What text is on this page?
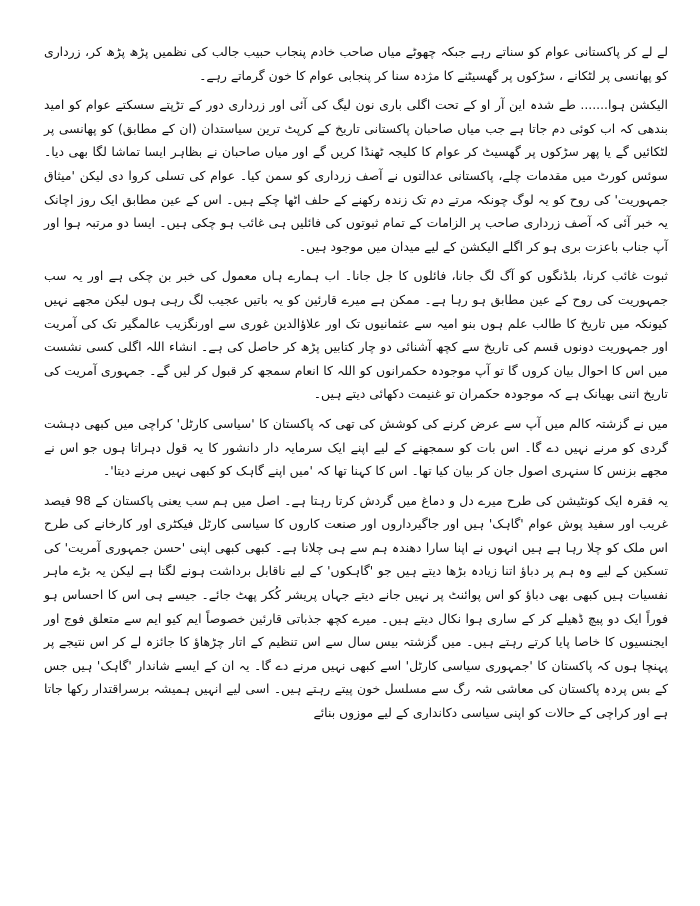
لے لے کر پاکستانی عوام کو سناتے رہے جبکہ چھوٹے میاں صاحب خادم پنجاب حبیب جالب کی نظمیں پڑھ پڑھ کر، زرداری کو پھانسی پر لٹکانے ، سڑکوں پر گھسیٹنے کا مژدہ سنا کر پنجابی عوام کا خون گرماتے رہے۔

الیکشن ہوا....... طے شدہ این آر او کے تحت اگلی باری نون لیگ کی آئی اور زرداری دور کے تڑپتے سسکتے عوام کو امید بندھی کہ اب کوئی دم جاتا ہے جب میاں صاحبان پاکستانی تاریخ کے کرپٹ ترین سیاستدان (ان کے مطابق) کو پھانسی پر لٹکائیں گے یا پھر سڑکوں پر گھسیٹ کر عوام کا کلیجہ ٹھنڈا کریں گے اور میاں صاحبان نے بظاہر ایسا تماشا لگا بھی دیا۔ سوئس کورٹ میں مقدمات چلے، پاکستانی عدالتوں نے آصف زرداری کو سمن کیا۔ عوام کی تسلی کروا دی لیکن 'میثاق جمہوریت' کی روح کو یہ لوگ چونکہ مرتے دم تک زندہ رکھنے کے حلف اٹھا چکے ہیں۔ اس کے عین مطابق ایک روز اچانک یہ خبر آئی کہ آصف زرداری صاحب پر الزامات کے تمام ثبوتوں کی فائلیں ہی غائب ہو چکی ہیں۔ ایسا دو مرتبہ ہوا اور آپ جناب باعزت بری ہو کر اگلے الیکشن کے لیے میدان میں موجود ہیں۔

ثبوت غائب کرنا، بلڈنگوں کو آگ لگ جانا، فائلوں کا جل جانا۔ اب ہمارے ہاں معمول کی خبر بن چکی ہے اور یہ سب جمہوریت کی روح کے عین مطابق ہو رہا ہے۔ ممکن ہے میرے قارئین کو یہ باتیں عجیب لگ رہی ہوں لیکن مجھے نہیں کیونکہ میں تاریخ کا طالب علم ہوں بنو امیہ سے عثمانیوں تک اور علاؤالدین غوری سے اورنگزیب عالمگیر تک کی آمریت اور جمہوریت دونوں قسم کی تاریخ سے کچھ آشنائی دو چار کتابیں پڑھ کر حاصل کی ہے۔ انشاء اللہ اگلی کسی نشست میں اس کا احوال بیان کروں گا تو آپ موجودہ حکمرانوں کو اللہ کا انعام سمجھ کر قبول کر لیں گے۔ جمہوری آمریت کی تاریخ اتنی بھیانک ہے کہ موجودہ حکمران تو غنیمت دکھائی دیتے ہیں۔

میں نے گزشتہ کالم میں آپ سے عرض کرنے کی کوشش کی تھی کہ پاکستان کا 'سیاسی کارٹل' کراچی میں کبھی دہشت گردی کو مرنے نہیں دے گا۔ اس بات کو سمجھنے کے لیے اپنے ایک سرمایہ دار دانشور کا یہ قول دہراتا ہوں جو اس نے مجھے بزنس کا سنہری اصول جان کر بیان کیا تھا۔ اس کا کہنا تھا کہ 'میں اپنے گاہک کو کبھی نہیں مرنے دیتا'۔

یہ فقرہ ایک کونٹیشن کی طرح میرے دل و دماغ میں گردش کرتا رہتا ہے۔ اصل میں ہم سب یعنی پاکستان کے 98 فیصد غریب اور سفید پوش عوام 'گاہک' ہیں اور جاگیرداروں اور صنعت کاروں کا سیاسی کارٹل فیکٹری اور کارخانے کی طرح اس ملک کو چلا رہا ہے ہیں انہوں نے اپنا سارا دھندہ ہم سے ہی چلانا ہے۔ کبھی کبھی اپنی 'حسن جمہوری آمریت' کی تسکین کے لیے وہ ہم پر دباؤ اتنا زیادہ بڑھا دیتے ہیں جو 'گاہکوں' کے لیے ناقابل برداشت ہونے لگتا ہے لیکن یہ بڑے ماہر نفسیات ہیں کبھی بھی دباؤ کو اس پوائنٹ پر نہیں جانے دیتے جہاں پریشر کُکر پھٹ جائے۔ جیسے ہی اس کا احساس ہو فوراً ایک دو پیچ ڈھیلے کر کے ساری ہوا نکال دیتے ہیں۔ میرے کچھ جذباتی قارئین خصوصاً ایم کیو ایم سے متعلق فوج اور ایجنسیوں کا خاصا پایا کرتے رہتے ہیں۔ میں گزشتہ بیس سال سے اس تنظیم کے اتار چڑھاؤ کا جائزہ لے کر اس نتیجے پر پہنچا ہوں کہ پاکستان کا 'جمہوری سیاسی کارٹل' اسے کبھی نہیں مرنے دے گا۔ یہ ان کے ایسے شاندار 'گاہک' ہیں جس کے بس پردہ پاکستان کی معاشی شہ رگ سے مسلسل خون پیتے رہتے ہیں۔ اسی لیے انہیں ہمیشہ برسراقتدار رکھا جاتا ہے اور کراچی کے حالات کو اپنی سیاسی دکانداری کے لیے موزوں بنائے
